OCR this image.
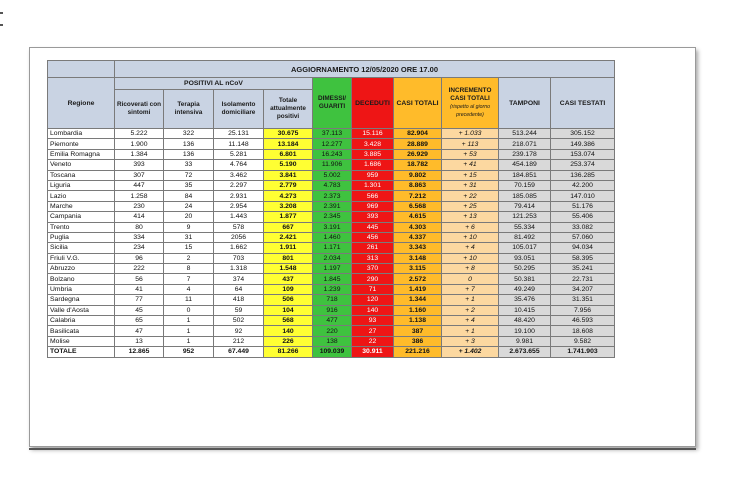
	AGGIORNAMENTO 12/05/2020 ORE 17.00									
Regione	POSITIVI AL nCoV				DIMESSI/ GUARITI	DECEDUTI	CASI TOTALI	INCREMENTO CASI TOTALI
(rispetto al giorno precedente)	TAMPONI	CASI TESTATI
	Ricoverati con sintomi	Terapia intensiva	Isolamento domiciliare	Totale attualmente positivi						
Lombardia	5.222	322	25.131	30.675	37.113	15.116	82.904	+ 1.033	513.244	305.152
Piemonte	1.900	136	11.148	13.184	12.277	3.428	28.889	+ 113	218.071	149.386
Emilia Romagna	1.384	136	5.281	6.801	16.243	3.885	26.929	+ 53	239.178	153.074
Veneto	393	33	4.764	5.190	11.906	1.686	18.782	+ 41	454.189	253.374
Toscana	307	72	3.462	3.841	5.002	959	9.802	+ 15	184.851	136.285
Liguria	447	35	2.297	2.779	4.783	1.301	8.863	+ 31	70.159	42.200
Lazio	1.258	84	2.931	4.273	2.373	566	7.212	+ 22	185.085	147.010
Marche	230	24	2.954	3.208	2.391	969	6.568	+ 25	79.414	51.176
Campania	414	20	1.443	1.877	2.345	393	4.615	+ 13	121.253	55.406
Trento	80	9	578	667	3.191	445	4.303	+ 6	55.334	33.082
Puglia	334	31	2056	2.421	1.460	456	4.337	+ 10	81.492	57.060
Sicilia	234	15	1.662	1.911	1.171	261	3.343	+ 4	105.017	94.034
Friuli V.G.	96	2	703	801	2.034	313	3.148	+ 10	93.051	58.395
Abruzzo	222	8	1.318	1.548	1.197	370	3.115	+ 8	50.295	35.241
Bolzano	56	7	374	437	1.845	290	2.572	0	50.381	22.731
Umbria	41	4	64	109	1.239	71	1.419	+ 7	49.249	34.207
Sardegna	77	11	418	506	718	120	1.344	+ 1	35.476	31.351
Valle d'Aosta	45	0	59	104	916	140	1.160	+ 2	10.415	7.956
Calabria	65	1	502	568	477	93	1.138	+ 4	48.420	46.593
Basilicata	47	1	92	140	220	27	387	+ 1	19.100	18.608
Molise	13	1	212	226	138	22	386	+ 3	9.981	9.582
TOTALE	12.865	952	67.449	81.266	109.039	30.911	221.216	+ 1.402	2.673.655	1.741.903
